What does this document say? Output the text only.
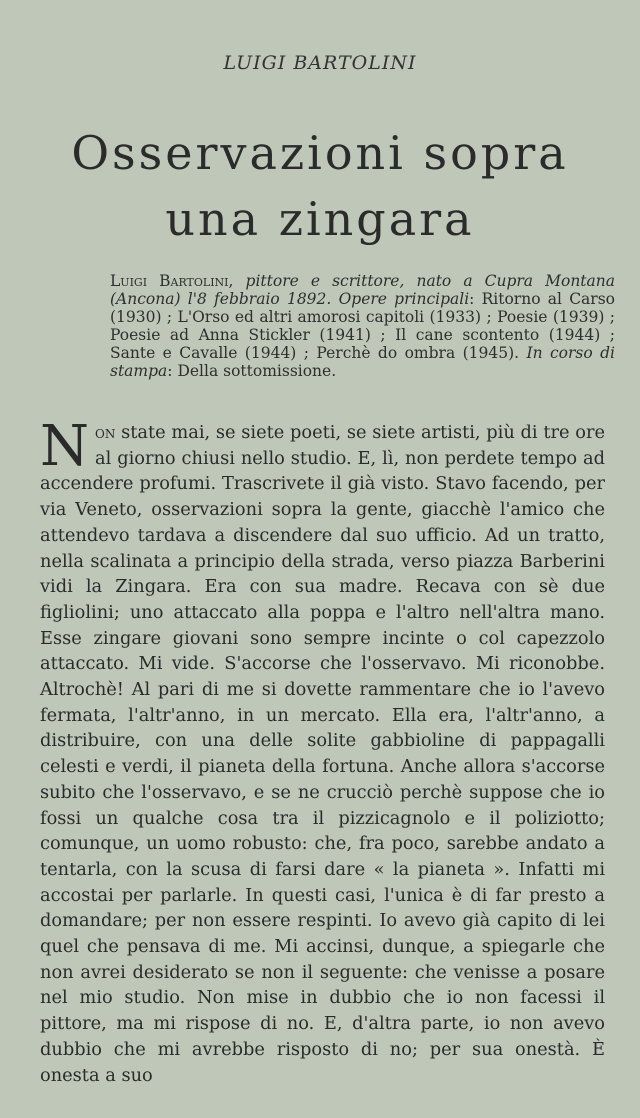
LUIGI BARTOLINI
Osservazioni sopra
una zingara
Luigi Bartolini, pittore e scrittore, nato a Cupra Montana (Ancona) l'8 febbraio 1892. Opere principali: Ritorno al Carso (1930) ; L'Orso ed altri amorosi capitoli (1933) ; Poesie (1939) ; Poesie ad Anna Stickler (1941) ; Il cane scontento (1944) ; Sante e Cavalle (1944) ; Perchè do ombra (1945). In corso di stampa: Della sottomissione.
Non state mai, se siete poeti, se siete artisti, più di tre ore al giorno chiusi nello studio. E, lì, non perdete tempo ad accendere profumi. Trascrivete il già visto. Stavo facendo, per via Veneto, osservazioni sopra la gente, giacchè l'amico che attendevo tardava a discendere dal suo ufficio. Ad un tratto, nella scalinata a principio della strada, verso piazza Barberini vidi la Zingara. Era con sua madre. Recava con sè due figliolini; uno attaccato alla poppa e l'altro nell'altra mano. Esse zingare giovani sono sempre incinte o col capezzolo attaccato. Mi vide. S'accorse che l'osservavo. Mi riconobbe. Altrochè! Al pari di me si dovette rammentare che io l'avevo fermata, l'altr'anno, in un mercato. Ella era, l'altr'anno, a distribuire, con una delle solite gabbioline di pappagalli celesti e verdi, il pianeta della fortuna. Anche allora s'accorse subito che l'osservavo, e se ne crucciò perchè suppose che io fossi un qualche cosa tra il pizzicagnolo e il poliziotto; comunque, un uomo robusto: che, fra poco, sarebbe andato a tentarla, con la scusa di farsi dare « la pianeta ». Infatti mi accostai per parlarle. In questi casi, l'unica è di far presto a domandare; per non essere respinti. Io avevo già capito di lei quel che pensava di me. Mi accinsi, dunque, a spiegarle che non avrei desiderato se non il seguente: che venisse a posare nel mio studio. Non mise in dubbio che io non facessi il pittore, ma mi rispose di no. E, d'altra parte, io non avevo dubbio che mi avrebbe risposto di no; per sua onestà. È onesta a suo
